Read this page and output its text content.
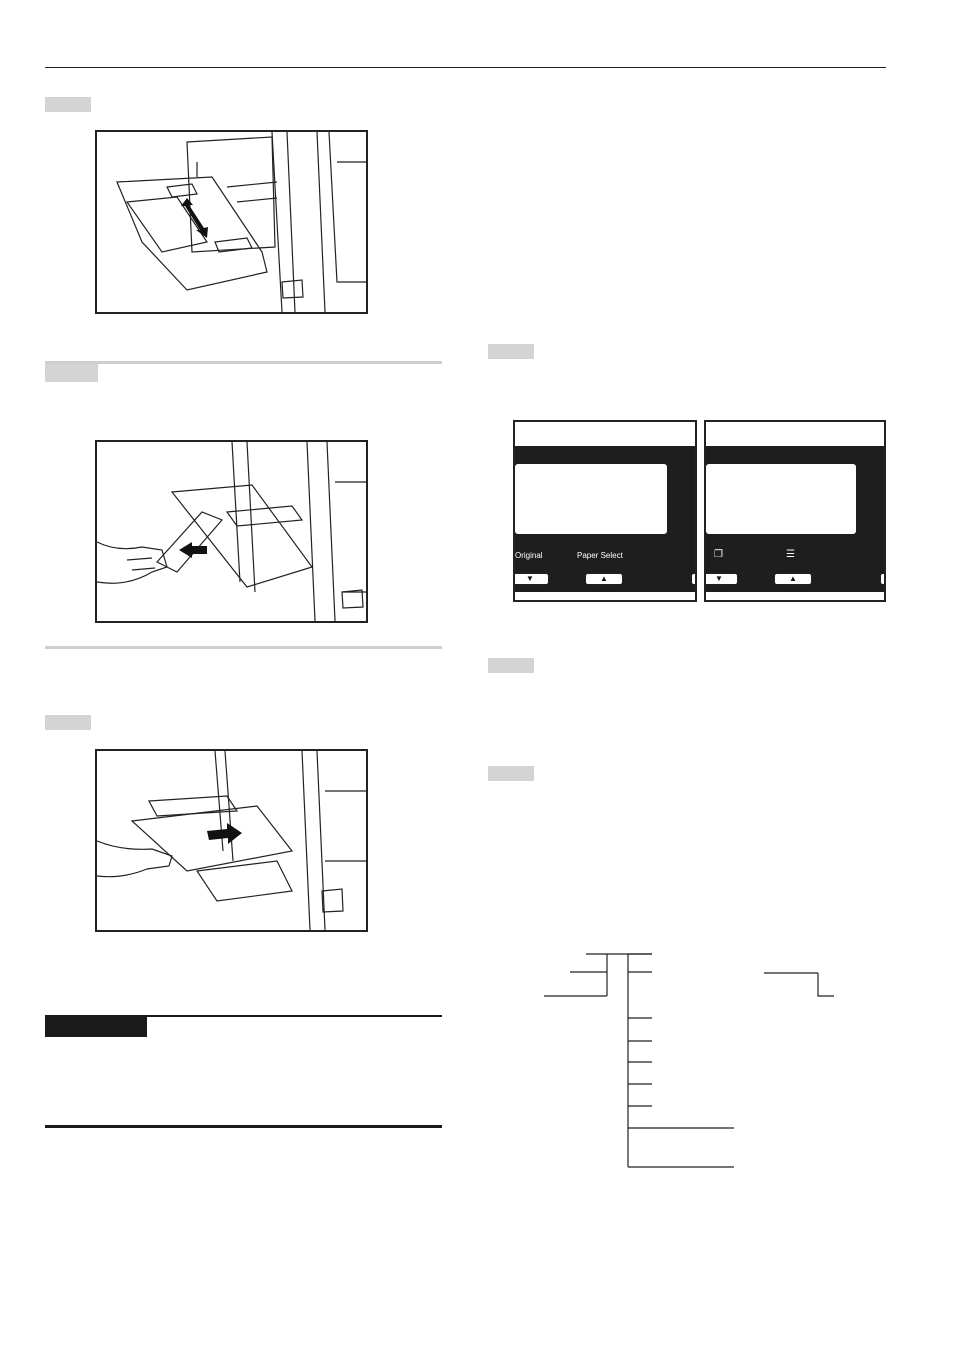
Original	Paper Select
▼	▲	• • •
❐	☰
▼	▲	• • •
